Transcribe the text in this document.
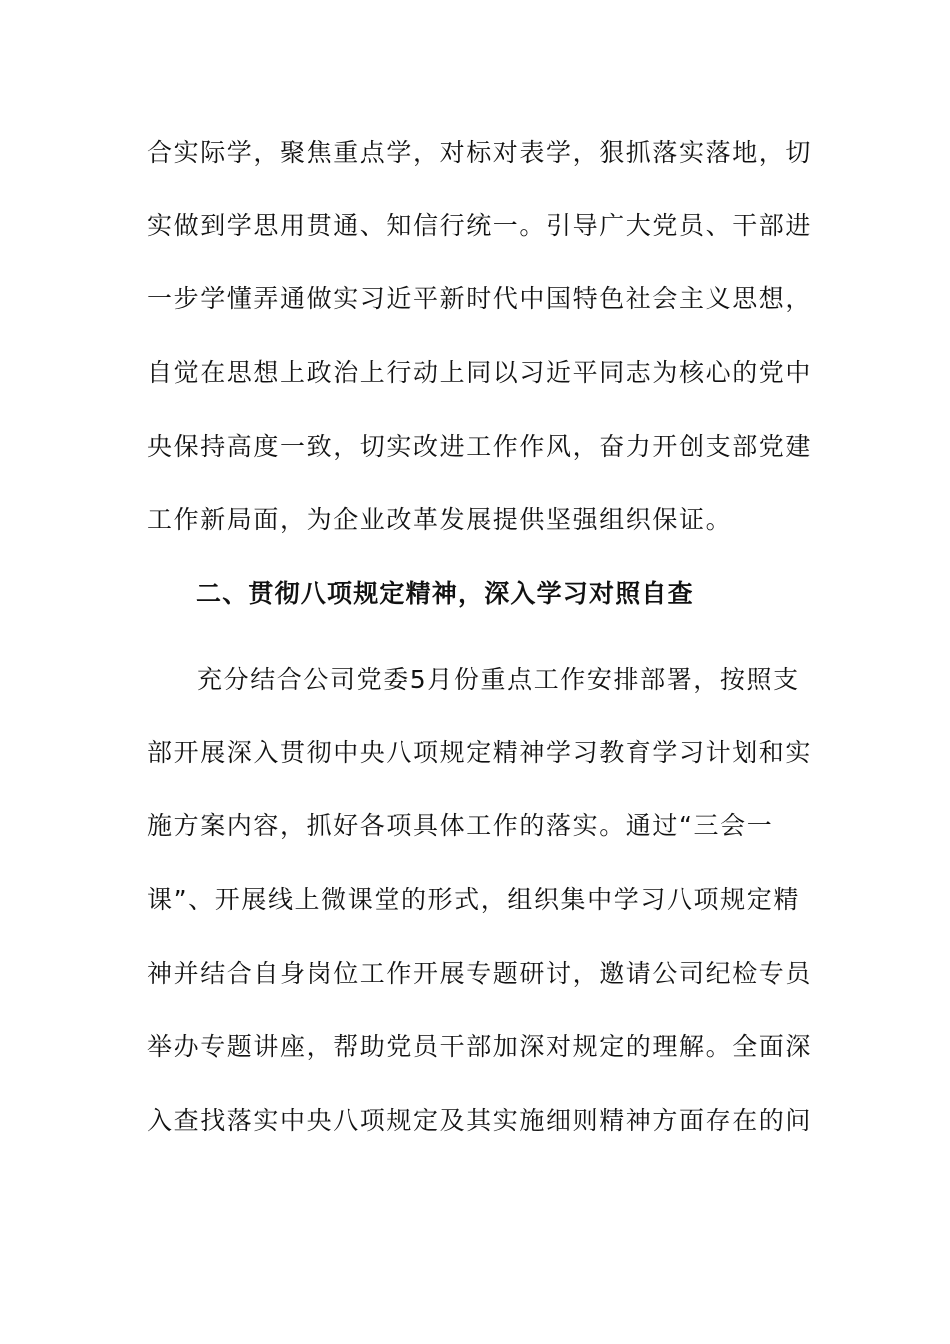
合实际学，聚焦重点学，对标对表学，狠抓落实落地，切
实做到学思用贯通、知信行统一。引导广大党员、干部进
一步学懂弄通做实习近平新时代中国特色社会主义思想，
自觉在思想上政治上行动上同以习近平同志为核心的党中
央保持高度一致，切实改进工作作风，奋力开创支部党建
工作新局面，为企业改革发展提供坚强组织保证。
二、贯彻八项规定精神，深入学习对照自查
充分结合公司党委5月份重点工作安排部署，按照支
部开展深入贯彻中央八项规定精神学习教育学习计划和实
施方案内容，抓好各项具体工作的落实。通过“三会一
课”、开展线上微课堂的形式，组织集中学习八项规定精
神并结合自身岗位工作开展专题研讨，邀请公司纪检专员
举办专题讲座，帮助党员干部加深对规定的理解。全面深
入查找落实中央八项规定及其实施细则精神方面存在的问
